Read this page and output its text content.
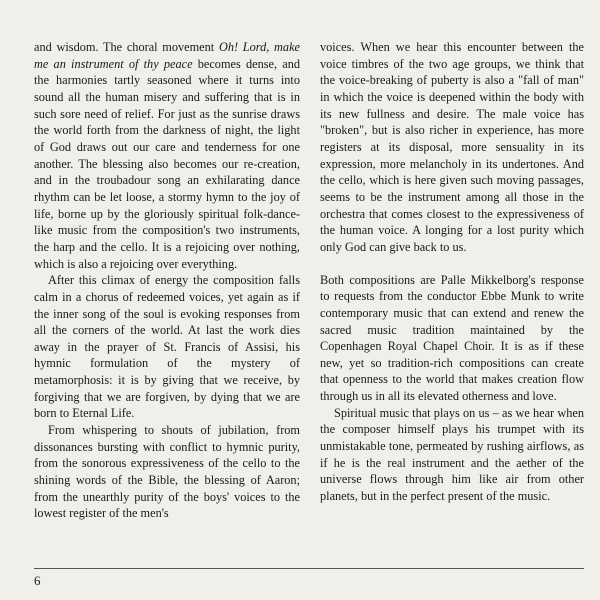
and wisdom. The choral movement Oh! Lord, make me an instrument of thy peace becomes dense, and the harmonies tartly seasoned where it turns into sound all the human misery and suffering that is in such sore need of relief. For just as the sunrise draws the world forth from the darkness of night, the light of God draws out our care and tenderness for one another. The blessing also becomes our re-creation, and in the troubadour song an exhilarating dance rhythm can be let loose, a stormy hymn to the joy of life, borne up by the gloriously spiritual folk-dance-like music from the composition's two instruments, the harp and the cello. It is a rejoicing over nothing, which is also a rejoicing over everything.

After this climax of energy the composition falls calm in a chorus of redeemed voices, yet again as if the inner song of the soul is evoking responses from all the corners of the world. At last the work dies away in the prayer of St. Francis of Assisi, his hymnic formulation of the mystery of metamorphosis: it is by giving that we receive, by forgiving that we are forgiven, by dying that we are born to Eternal Life.

From whispering to shouts of jubilation, from dissonances bursting with conflict to hymnic purity, from the sonorous expressiveness of the cello to the shining words of the Bible, the blessing of Aaron; from the unearthly purity of the boys' voices to the lowest register of the men's

voices. When we hear this encounter between the voice timbres of the two age groups, we think that the voice-breaking of puberty is also a "fall of man" in which the voice is deepened within the body with its new fullness and desire. The male voice has "broken", but is also richer in experience, has more registers at its disposal, more sensuality in its expression, more melancholy in its undertones. And the cello, which is here given such moving passages, seems to be the instrument among all those in the orchestra that comes closest to the expressiveness of the human voice. A longing for a lost purity which only God can give back to us.

Both compositions are Palle Mikkelborg's response to requests from the conductor Ebbe Munk to write contemporary music that can extend and renew the sacred music tradition maintained by the Copenhagen Royal Chapel Choir. It is as if these new, yet so tradition-rich compositions can create that openness to the world that makes creation flow through us in all its elevated otherness and love.

Spiritual music that plays on us – as we hear when the composer himself plays his trumpet with its unmistakable tone, permeated by rushing airflows, as if he is the real instrument and the aether of the universe flows through him like air from other planets, but in the perfect present of the music.

6
